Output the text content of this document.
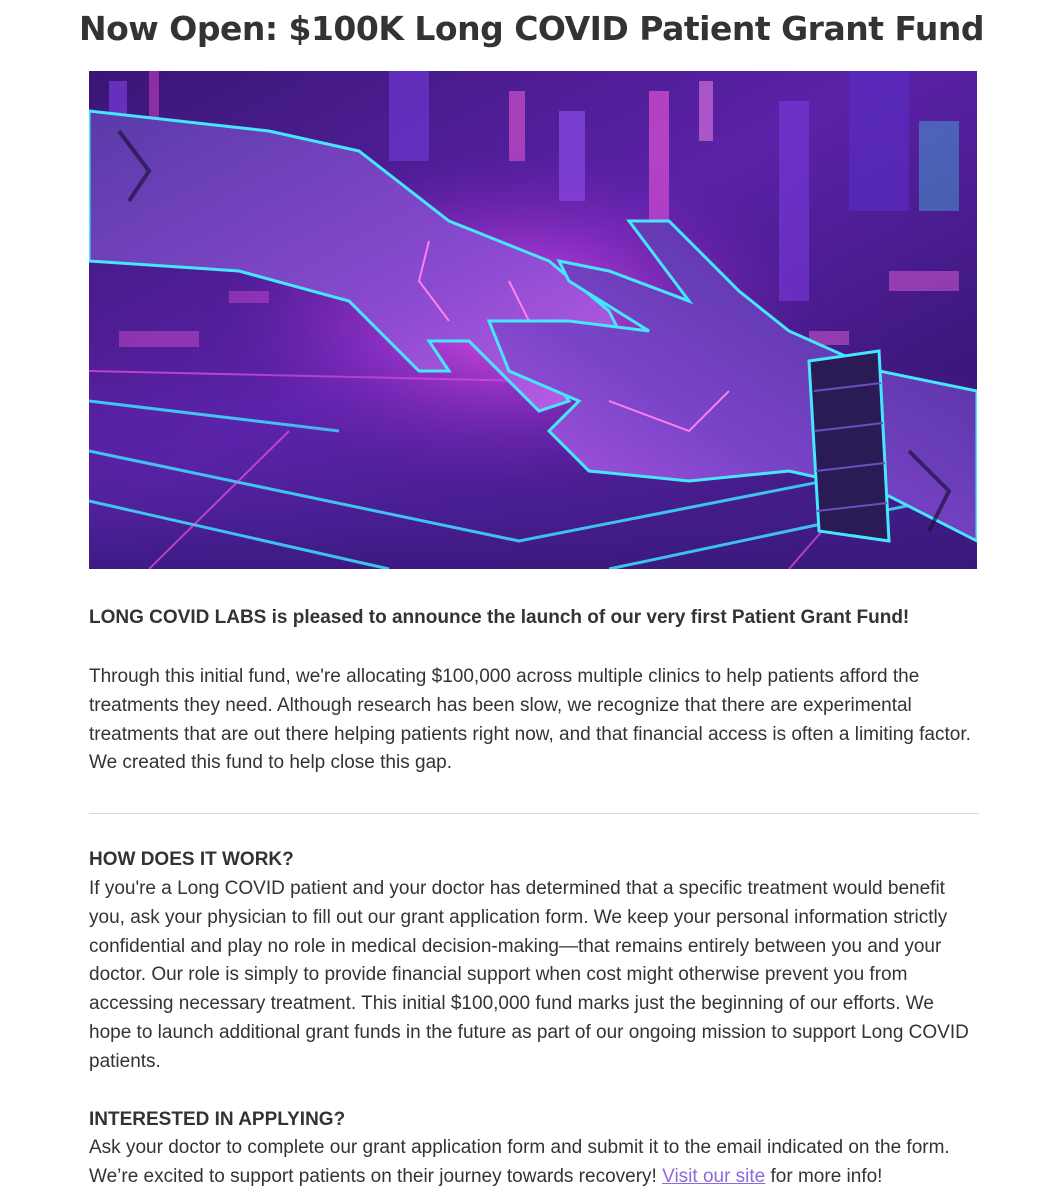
Now Open: $100K Long COVID Patient Grant Fund

LONG COVID LABS is pleased to announce the launch of our very first Patient Grant Fund!

Through this initial fund, we're allocating $100,000 across multiple clinics to help patients afford the treatments they need. Although research has been slow, we recognize that there are experimental treatments that are out there helping patients right now, and that financial access is often a limiting factor. We created this fund to help close this gap.

HOW DOES IT WORK?

If you're a Long COVID patient and your doctor has determined that a specific treatment would benefit you, ask your physician to fill out our grant application form. We keep your personal information strictly confidential and play no role in medical decision-making—that remains entirely between you and your doctor. Our role is simply to provide financial support when cost might otherwise prevent you from accessing necessary treatment. This initial $100,000 fund marks just the beginning of our efforts. We hope to launch additional grant funds in the future as part of our ongoing mission to support Long COVID patients.

INTERESTED IN APPLYING?

Ask your doctor to complete our grant application form and submit it to the email indicated on the form. We’re excited to support patients on their journey towards recovery! Visit our site for more info!
